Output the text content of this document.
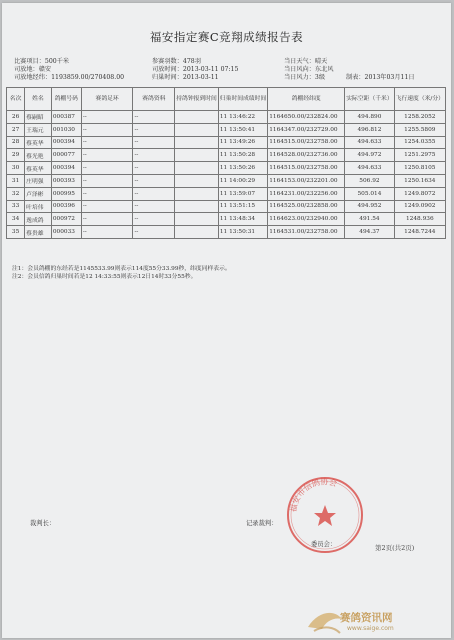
福安指定赛C竞翔成绩报告表
比赛项目：500千米
司放地：赣安
司放地经纬：1193859.00/270408.00
参赛羽数：478羽
司放时间：2013-03-11 07:15
归巢时间：2013-03-11
当日天气：晴天
当日风向：东北风
当日风力：3级	制表：2013年03月11日
名次	姓名	鸽棚号码	赛鸽足环	赛鸽资料	持鸽钟报到时间	归巢时间成绩时间	鸽棚经纬度	实际空距（千米）	飞行速度（米/分）
26	蔡嗣昭	000387	--	--		11 13:46:22	1164650.00/232824.00	494.890	1258.2052
27	王瑞元	001030	--	--		11 13:50:41	1164347.00/232729.00	496.812	1255.5809
28	蔡英华	000394	--	--		11 13:49:26	1164515.00/232758.00	494.633	1254.0355
29	蔡光艳	000077	--	--		11 13:50:28	1164528.00/232736.00	494.972	1251.2975
30	蔡英华	000394	--	--		11 13:50:26	1164515.00/232758.00	494.633	1250.8105
31	庄明强	000393	--	--		11 14:00:29	1164153.00/232201.00	506.92	1250.1634
32	卢泽彬	000995	--	--		11 13:59:07	1164231.00/232256.00	505.014	1249.8072
33	叶培伟	000396	--	--		11 13:51:15	1164525.00/232858.00	494.952	1249.0902
34	逸成鸽	000972	--	--		11 13:48:34	1164623.00/232940.00	491.54	1248.936
35	蔡贵雄	000033	--	--		11 13:50:31	1164531.00/232758.00	494.37	1248.7244
注1：会员鸽棚的东经若是1145533.99则表示114度55分33.99秒，纬度同样表示。
注2：会员信鸽归巢时间若是12 14:33:55则表示12日14时33分55秒。
裁判长：	记录裁判：
委员会：
福安市信鸽协会
第2页(共2页)
赛鸽资讯网
www.saige.com
